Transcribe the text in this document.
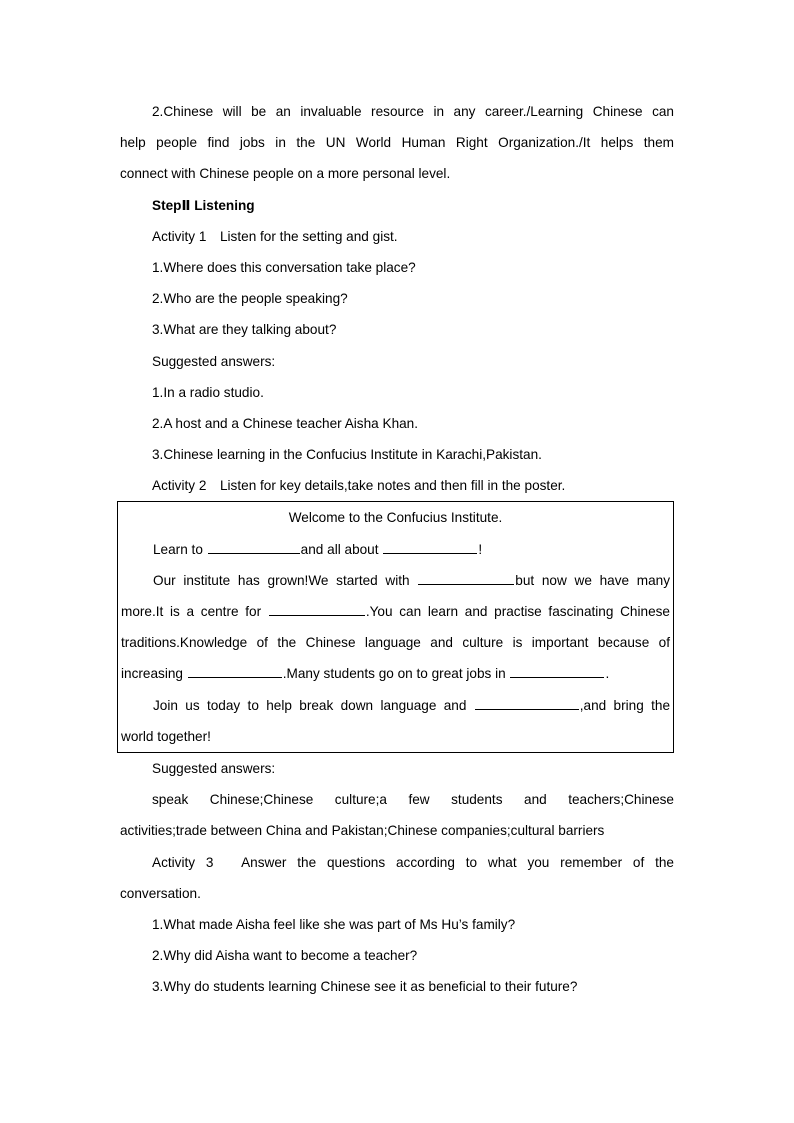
2.Chinese will be an invaluable resource in any career./Learning Chinese can
help people find jobs in the UN World Human Right Organization./It helps them
connect with Chinese people on a more personal level.
StepⅡ Listening
Activity 1　Listen for the setting and gist.
1.Where does this conversation take place?
2.Who are the people speaking?
3.What are they talking about?
Suggested answers:
1.In a radio studio.
2.A host and a Chinese teacher Aisha Khan.
3.Chinese learning in the Confucius Institute in Karachi,Pakistan.
Activity 2　Listen for key details,take notes and then fill in the poster.
Welcome to the Confucius Institute.
Learn to	and all about	!
Our institute has grown!We started with	but now we have many
more.It is a centre for	.You can learn and practise fascinating Chinese
traditions.Knowledge of the Chinese language and culture is important because of
increasing	.Many students go on to great jobs in	.
Join us today to help break down language and	,and bring the
world together!
Suggested answers:
speak Chinese;Chinese culture;a few students and teachers;Chinese
activities;trade between China and Pakistan;Chinese companies;cultural barriers
Activity 3　Answer the questions according to what you remember of the
conversation.
1.What made Aisha feel like she was part of Ms Hu’s family?
2.Why did Aisha want to become a teacher?
3.Why do students learning Chinese see it as beneficial to their future?
